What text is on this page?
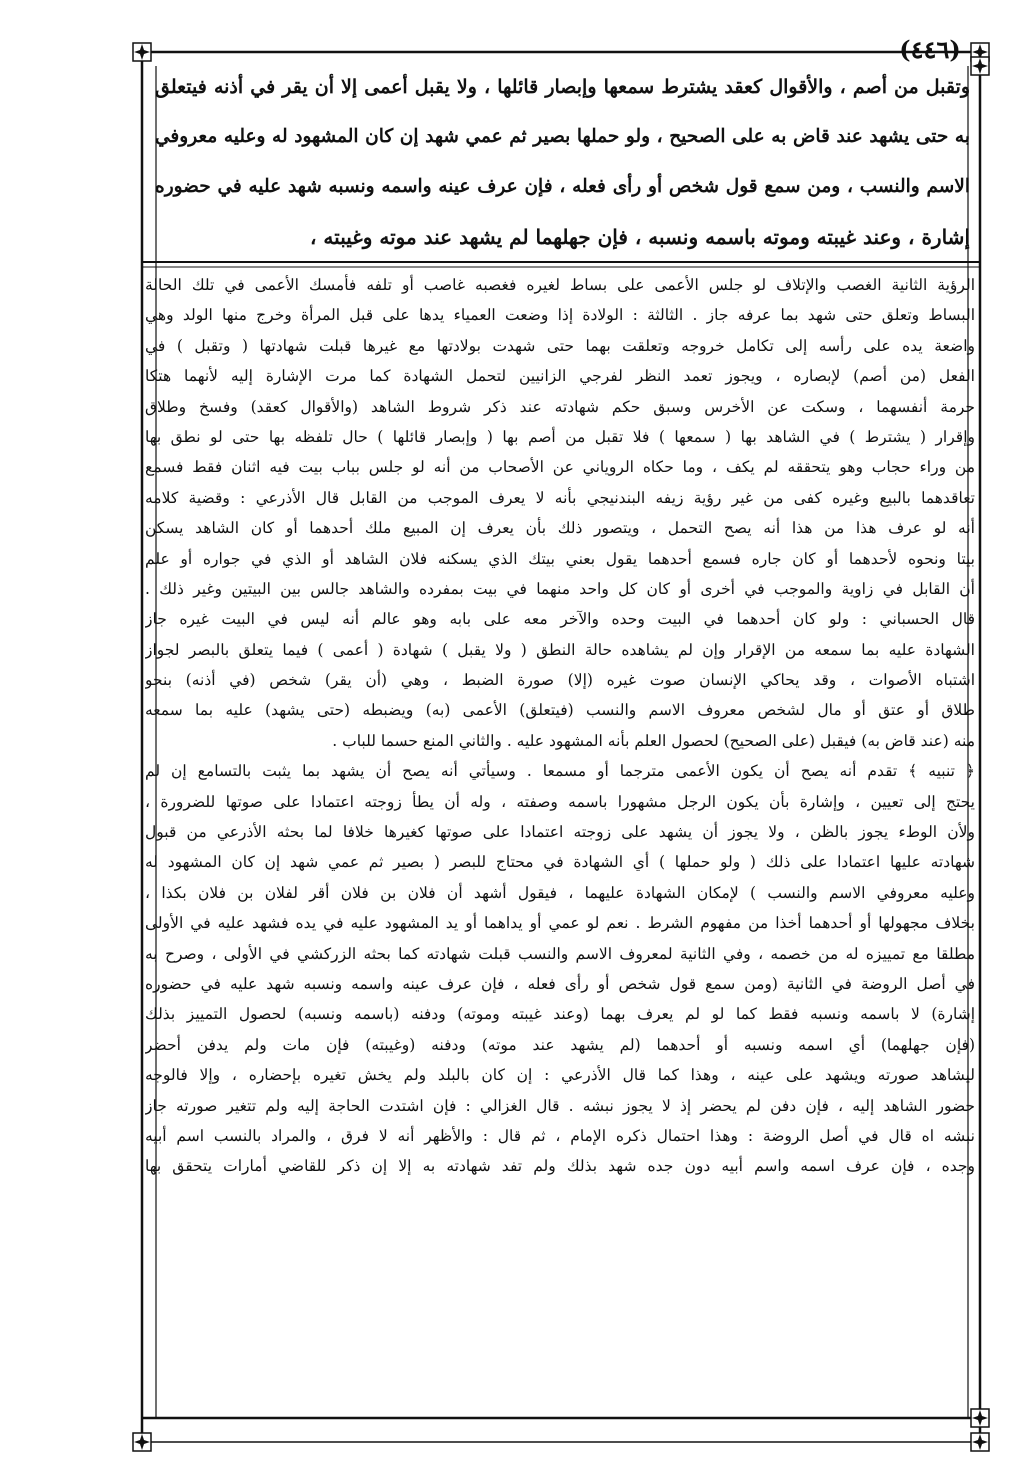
(٤٤٦)
وتقبل من أصم ، والأقوال كعقد يشترط سمعها وإبصار قائلها ، ولا يقبل أعمى إلا أن يقر في أذنه فيتعلق
به حتى يشهد عند قاض به على الصحيح ، ولو حملها بصير ثم عمي شهد إن كان المشهود له وعليه معروفي
الاسم والنسب ، ومن سمع قول شخص أو رأى فعله ، فإن عرف عينه واسمه ونسبه شهد عليه في حضوره
إشارة ، وعند غيبته وموته باسمه ونسبه ، فإن جهلهما لم يشهد عند موته وغيبته ،
الرؤية الثانية الغصب والإتلاف لو جلس الأعمى على بساط لغيره فغصبه غاصب أو تلفه فأمسك الأعمى في تلك الحالة
البساط وتعلق حتى شهد بما عرفه جاز . الثالثة : الولادة إذا وضعت العمياء يدها على قبل المرأة وخرج منها الولد وهي
واضعة يده على رأسه إلى تكامل خروجه وتعلقت بهما حتى شهدت بولادتها مع غيرها قبلت شهادتها ( وتقبل ) في
الفعل (من أصم) لإبصاره ، ويجوز تعمد النظر لفرجي الزانيين لتحمل الشهادة كما مرت الإشارة إليه لأنهما هتكا
حرمة أنفسهما ، وسكت عن الأخرس وسبق حكم شهادته عند ذكر شروط الشاهد (والأقوال كعقد) وفسخ وطلاق
وإقرار ( يشترط ) في الشاهد بها ( سمعها ) فلا تقبل من أصم بها ( وإبصار قائلها ) حال تلفظه بها حتى لو نطق بها
من وراء حجاب وهو يتحققه لم يكف ، وما حكاه الروياني عن الأصحاب من أنه لو جلس بباب بيت فيه اثنان فقط فسمع
تعاقدهما بالبيع وغيره كفى من غير رؤية زيفه البندنيجي بأنه لا يعرف الموجب من القابل قال الأذرعي : وقضية كلامه
أنه لو عرف هذا من هذا أنه يصح التحمل ، ويتصور ذلك بأن يعرف إن المبيع ملك أحدهما أو كان الشاهد يسكن
بيتا ونحوه لأحدهما أو كان جاره فسمع أحدهما يقول بعني بيتك الذي يسكنه فلان الشاهد أو الذي في جواره أو علم
أن القابل في زاوية والموجب في أخرى أو كان كل واحد منهما في بيت بمفرده والشاهد جالس بين البيتين وغير ذلك .
قال الحسباني : ولو كان أحدهما في البيت وحده والآخر معه على بابه وهو عالم أنه ليس في البيت غيره جاز
الشهادة عليه بما سمعه من الإقرار وإن لم يشاهده حالة النطق ( ولا يقبل ) شهادة ( أعمى ) فيما يتعلق بالبصر لجواز
اشتباه الأصوات ، وقد يحاكي الإنسان صوت غيره (إلا) صورة الضبط ، وهي (أن يقر) شخص (في أذنه) بنحو
طلاق أو عتق أو مال لشخص معروف الاسم والنسب (فيتعلق) الأعمى (به) ويضبطه (حتى يشهد) عليه بما سمعه
منه (عند قاض به) فيقبل (على الصحيح) لحصول العلم بأنه المشهود عليه . والثاني المنع حسما للباب .
﴿ تنبيه ﴾ تقدم أنه يصح أن يكون الأعمى مترجما أو مسمعا . وسيأتي أنه يصح أن يشهد بما يثبت بالتسامع إن لم
يحتج إلى تعيين ، وإشارة بأن يكون الرجل مشهورا باسمه وصفته ، وله أن يطأ زوجته اعتمادا على صوتها للضرورة ،
ولأن الوطء يجوز بالظن ، ولا يجوز أن يشهد على زوجته اعتمادا على صوتها كغيرها خلافا لما بحثه الأذرعي من قبول
شهادته عليها اعتمادا على ذلك ( ولو حملها ) أي الشهادة في محتاج للبصر ( بصير ثم عمي شهد إن كان المشهود له
وعليه معروفي الاسم والنسب ) لإمكان الشهادة عليهما ، فيقول أشهد أن فلان بن فلان أقر لفلان بن فلان بكذا ،
بخلاف مجهولها أو أحدهما أخذا من مفهوم الشرط . نعم لو عمي أو يداهما أو يد المشهود عليه في يده فشهد عليه في الأولى
مطلقا مع تمييزه له من خصمه ، وفي الثانية لمعروف الاسم والنسب قبلت شهادته كما بحثه الزركشي في الأولى ، وصرح به
في أصل الروضة في الثانية (ومن سمع قول شخص أو رأى فعله ، فإن عرف عينه واسمه ونسبه شهد عليه في حضوره
إشارة) لا باسمه ونسبه فقط كما لو لم يعرف بهما (وعند غيبته وموته) ودفنه (باسمه ونسبه) لحصول التمييز بذلك
(فإن جهلهما) أي اسمه ونسبه أو أحدهما (لم يشهد عند موته) ودفنه (وغيبته) فإن مات ولم يدفن أحضر
ليشاهد صورته ويشهد على عينه ، وهذا كما قال الأذرعي : إن كان بالبلد ولم يخش تغيره بإحضاره ، وإلا فالوجه
حضور الشاهد إليه ، فإن دفن لم يحضر إذ لا يجوز نبشه . قال الغزالي : فإن اشتدت الحاجة إليه ولم تتغير صورته جاز
نبشه اه قال في أصل الروضة : وهذا احتمال ذكره الإمام ، ثم قال : والأظهر أنه لا فرق ، والمراد بالنسب اسم أبيه
وجده ، فإن عرف اسمه واسم أبيه دون جده شهد بذلك ولم تفد شهادته به إلا إن ذكر للقاضي أمارات يتحقق بها
